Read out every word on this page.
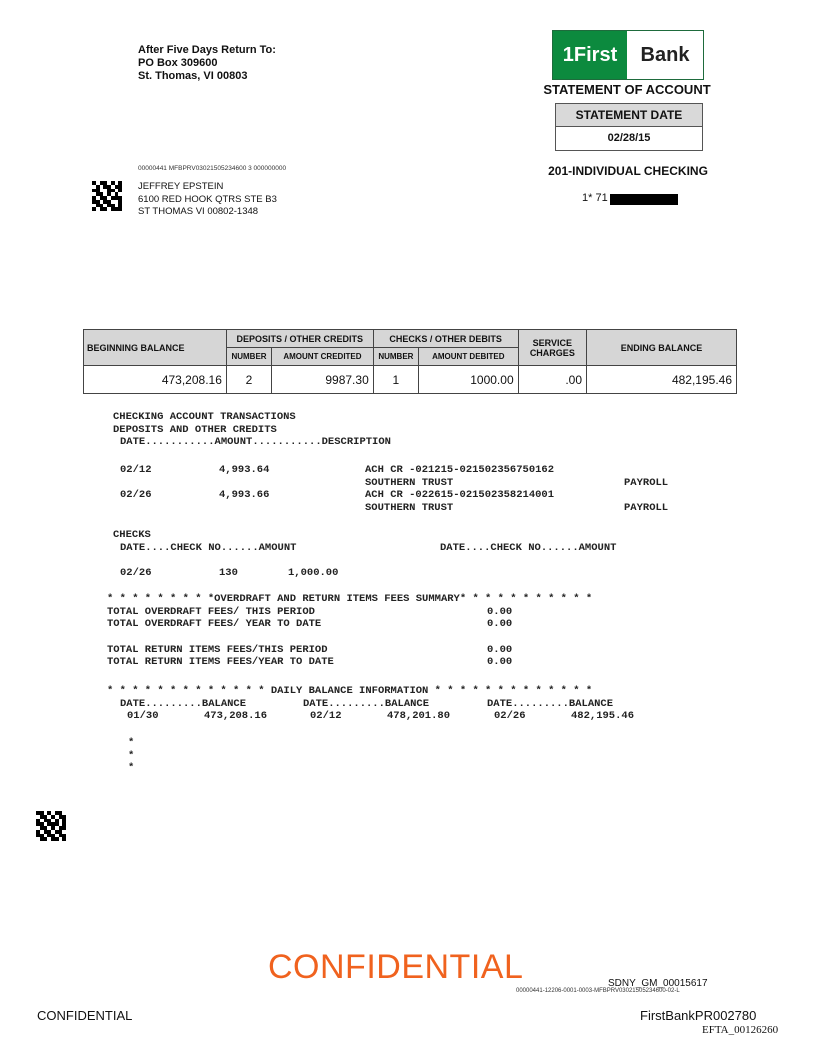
After Five Days Return To:
PO Box 309600
St. Thomas, VI 00803
1First	Bank
STATEMENT OF ACCOUNT
STATEMENT DATE
02/28/15
201-INDIVIDUAL CHECKING
1* 71
00000441 MFBPRV03021505234600 3 000000000
JEFFREY EPSTEIN
6100 RED HOOK QTRS STE B3
ST THOMAS VI 00802-1348
BEGINNING BALANCE	DEPOSITS / OTHER CREDITS		CHECKS / OTHER DEBITS		SERVICE CHARGES	ENDING BALANCE
	NUMBER	AMOUNT CREDITED	NUMBER	AMOUNT DEBITED		
473,208.16	2	9987.30	1	1000.00	.00	482,195.46
CHECKING ACCOUNT TRANSACTIONS
DEPOSITS AND OTHER CREDITS
DATE...........AMOUNT...........DESCRIPTION
02/12	4,993.64	ACH CR -021215-021502356750162
SOUTHERN TRUST	PAYROLL
02/26	4,993.66	ACH CR -022615-021502358214001
SOUTHERN TRUST	PAYROLL
CHECKS
DATE....CHECK NO......AMOUNT	DATE....CHECK NO......AMOUNT
02/26	130	1,000.00
* * * * * * * * *OVERDRAFT AND RETURN ITEMS FEES SUMMARY* * * * * * * * * * *
TOTAL OVERDRAFT FEES/ THIS PERIOD	0.00
TOTAL OVERDRAFT FEES/ YEAR TO DATE	0.00
TOTAL RETURN ITEMS FEES/THIS PERIOD	0.00
TOTAL RETURN ITEMS FEES/YEAR TO DATE	0.00
* * * * * * * * * * * * * DAILY BALANCE INFORMATION * * * * * * * * * * * * *
DATE.........BALANCE	DATE.........BALANCE	DATE.........BALANCE
01/30	473,208.16	02/12	478,201.80	02/26	482,195.46
*
*
*
CONFIDENTIAL	SDNY_GM_00015617
00000441-12206-0001-0003-MFBPRV03021505234600-02-L
CONFIDENTIAL	FirstBankPR002780
EFTA_00126260
